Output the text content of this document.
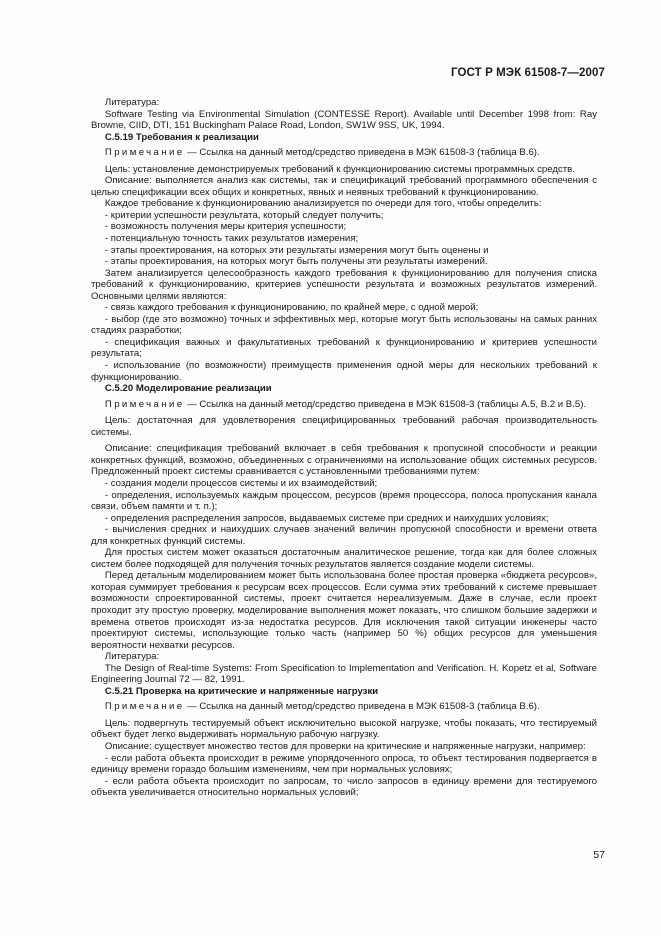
ГОСТ Р МЭК 61508-7—2007

Литература:

Software Testing via Environmental Simulation (CONTESSE Report). Available until December 1998 from: Ray Browne, CIID, DTI, 151 Buckingham Palace Road, London, SW1W 9SS, UK, 1994.

С.5.19 Требования к реализации

Примечание — Ссылка на данный метод/средство приведена в МЭК 61508-3 (таблица В.6).

Цель: установление демонстрируемых требований к функционированию системы программных средств.

Описание: выполняется анализ как системы, так и спецификаций требований программного обеспечения с целью спецификации всех общих и конкретных, явных и неявных требований к функционированию.

Каждое требование к функционированию анализируется по очереди для того, чтобы определить:

- критерии успешности результата, который следует получить;

- возможность получения меры критерия успешности;

- потенциальную точность таких результатов измерения;

- этапы проектирования, на которых эти результаты измерения могут быть оценены и

- этапы проектирования, на которых могут быть получены эти результаты измерений.

Затем анализируется целесообразность каждого требования к функционированию для получения списка требований к функционированию, критериев успешности результата и возможных результатов измерений. Основными целями являются:

- связь каждого требования к функционированию, по крайней мере, с одной мерой;

- выбор (где это возможно) точных и эффективных мер, которые могут быть использованы на самых ранних стадиях разработки;

- спецификация важных и факультативных требований к функционированию и критериев успешности результата;

- использование (по возможности) преимуществ применения одной меры для нескольких требований к функционированию.

С.5.20 Моделирование реализации

Примечание — Ссылка на данный метод/средство приведена в МЭК 61508-3 (таблицы А.5, В.2 и В.5).

Цель: достаточная для удовлетворения специфицированных требований рабочая производительность системы.

Описание: спецификация требований включает в себя требования к пропускной способности и реакции конкретных функций, возможно, объединенных с ограничениями на использование общих системных ресурсов. Предложенный проект системы сравнивается с установленными требованиями путем:

- создания модели процессов системы и их взаимодействий;

- определения, используемых каждым процессом, ресурсов (время процессора, полоса пропускания канала связи, объем памяти и т. п.);

- определения распределения запросов, выдаваемых системе при средних и наихудших условиях;

- вычисления средних и наихудших случаев значений величин пропускной способности и времени ответа для конкретных функций системы.

Для простых систем может оказаться достаточным аналитическое решение, тогда как для более сложных систем более подходящей для получения точных результатов является создание модели системы.

Перед детальным моделированием может быть использована более простая проверка «бюджета ресурсов», которая суммирует требования к ресурсам всех процессов. Если сумма этих требований к системе превышает возможности спроектированной системы, проект считается нереализуемым. Даже в случае, если проект проходит эту простую проверку, моделирование выполнения может показать, что слишком большие задержки и времена ответов происходят из-за недостатка ресурсов. Для исключения такой ситуации инженеры часто проектируют системы, использующие только часть (например 50 %) общих ресурсов для уменьшения вероятности нехватки ресурсов.

Литература:

The Design of Real-time Systems: From Specification to Implementation and Verification. H. Kopetz et al, Software Engineering Journal 72 — 82, 1991.

С.5.21 Проверка на критические и напряженные нагрузки

Примечание — Ссылка на данный метод/средство приведена в МЭК 61508-3 (таблица В.6).

Цель: подвергнуть тестируемый объект исключительно высокой нагрузке, чтобы показать, что тестируемый объект будет легко выдерживать нормальную рабочую нагрузку.

Описание: существует множество тестов для проверки на критические и напряженные нагрузки, например:

- если работа объекта происходит в режиме упорядоченного опроса, то объект тестирования подвергается в единицу времени гораздо большим изменениям, чем при нормальных условиях;

- если работа объекта происходит по запросам, то число запросов в единицу времени для тестируемого объекта увеличивается относительно нормальных условий;

57
